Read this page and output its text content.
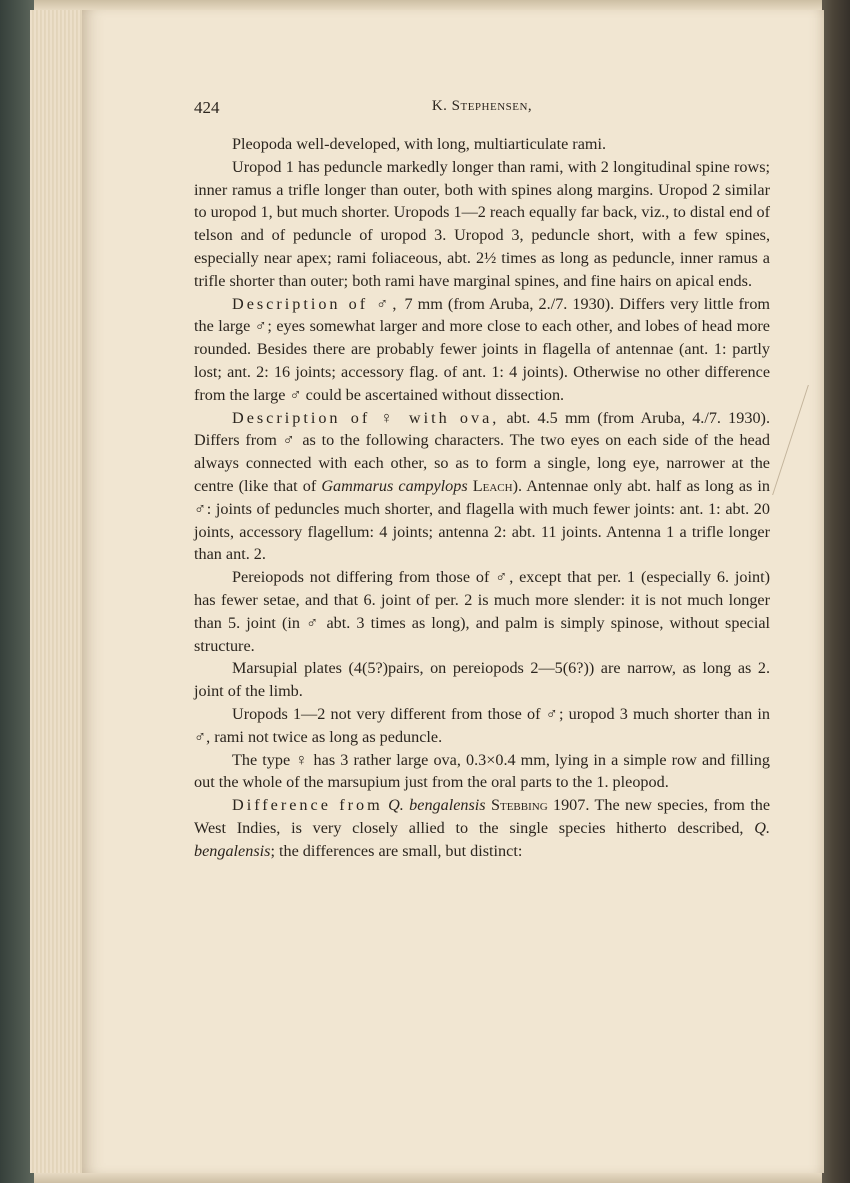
424	K. Stephensen,

Pleopoda well-developed, with long, multiarticulate rami.

Uropod 1 has peduncle markedly longer than rami, with 2 longitudinal spine rows; inner ramus a trifle longer than outer, both with spines along margins. Uropod 2 similar to uropod 1, but much shorter. Uropods 1—2 reach equally far back, viz., to distal end of telson and of peduncle of uropod 3. Uropod 3, peduncle short, with a few spines, especially near apex; rami foliaceous, abt. 2½ times as long as peduncle, inner ramus a trifle shorter than outer; both rami have marginal spines, and fine hairs on apical ends.

Description of ♂, 7 mm (from Aruba, 2./7. 1930). Differs very little from the large ♂; eyes somewhat larger and more close to each other, and lobes of head more rounded. Besides there are probably fewer joints in flagella of antennae (ant. 1: partly lost; ant. 2: 16 joints; accessory flag. of ant. 1: 4 joints). Otherwise no other difference from the large ♂ could be ascertained without dissection.

Description of ♀ with ova, abt. 4.5 mm (from Aruba, 4./7. 1930). Differs from ♂ as to the following characters. The two eyes on each side of the head always connected with each other, so as to form a single, long eye, narrower at the centre (like that of Gammarus campylops Leach). Antennae only abt. half as long as in ♂: joints of peduncles much shorter, and flagella with much fewer joints: ant. 1: abt. 20 joints, accessory flagellum: 4 joints; antenna 2: abt. 11 joints. Antenna 1 a trifle longer than ant. 2.

Pereiopods not differing from those of ♂, except that per. 1 (especially 6. joint) has fewer setae, and that 6. joint of per. 2 is much more slender: it is not much longer than 5. joint (in ♂ abt. 3 times as long), and palm is simply spinose, without special structure.

Marsupial plates (4(5?)pairs, on pereiopods 2—5(6?)) are narrow, as long as 2. joint of the limb.

Uropods 1—2 not very different from those of ♂; uropod 3 much shorter than in ♂, rami not twice as long as peduncle.

The type ♀ has 3 rather large ova, 0.3×0.4 mm, lying in a simple row and filling out the whole of the marsupium just from the oral parts to the 1. pleopod.

Difference from Q. bengalensis Stebbing 1907. The new species, from the West Indies, is very closely allied to the single species hitherto described, Q. bengalensis; the differences are small, but distinct:
